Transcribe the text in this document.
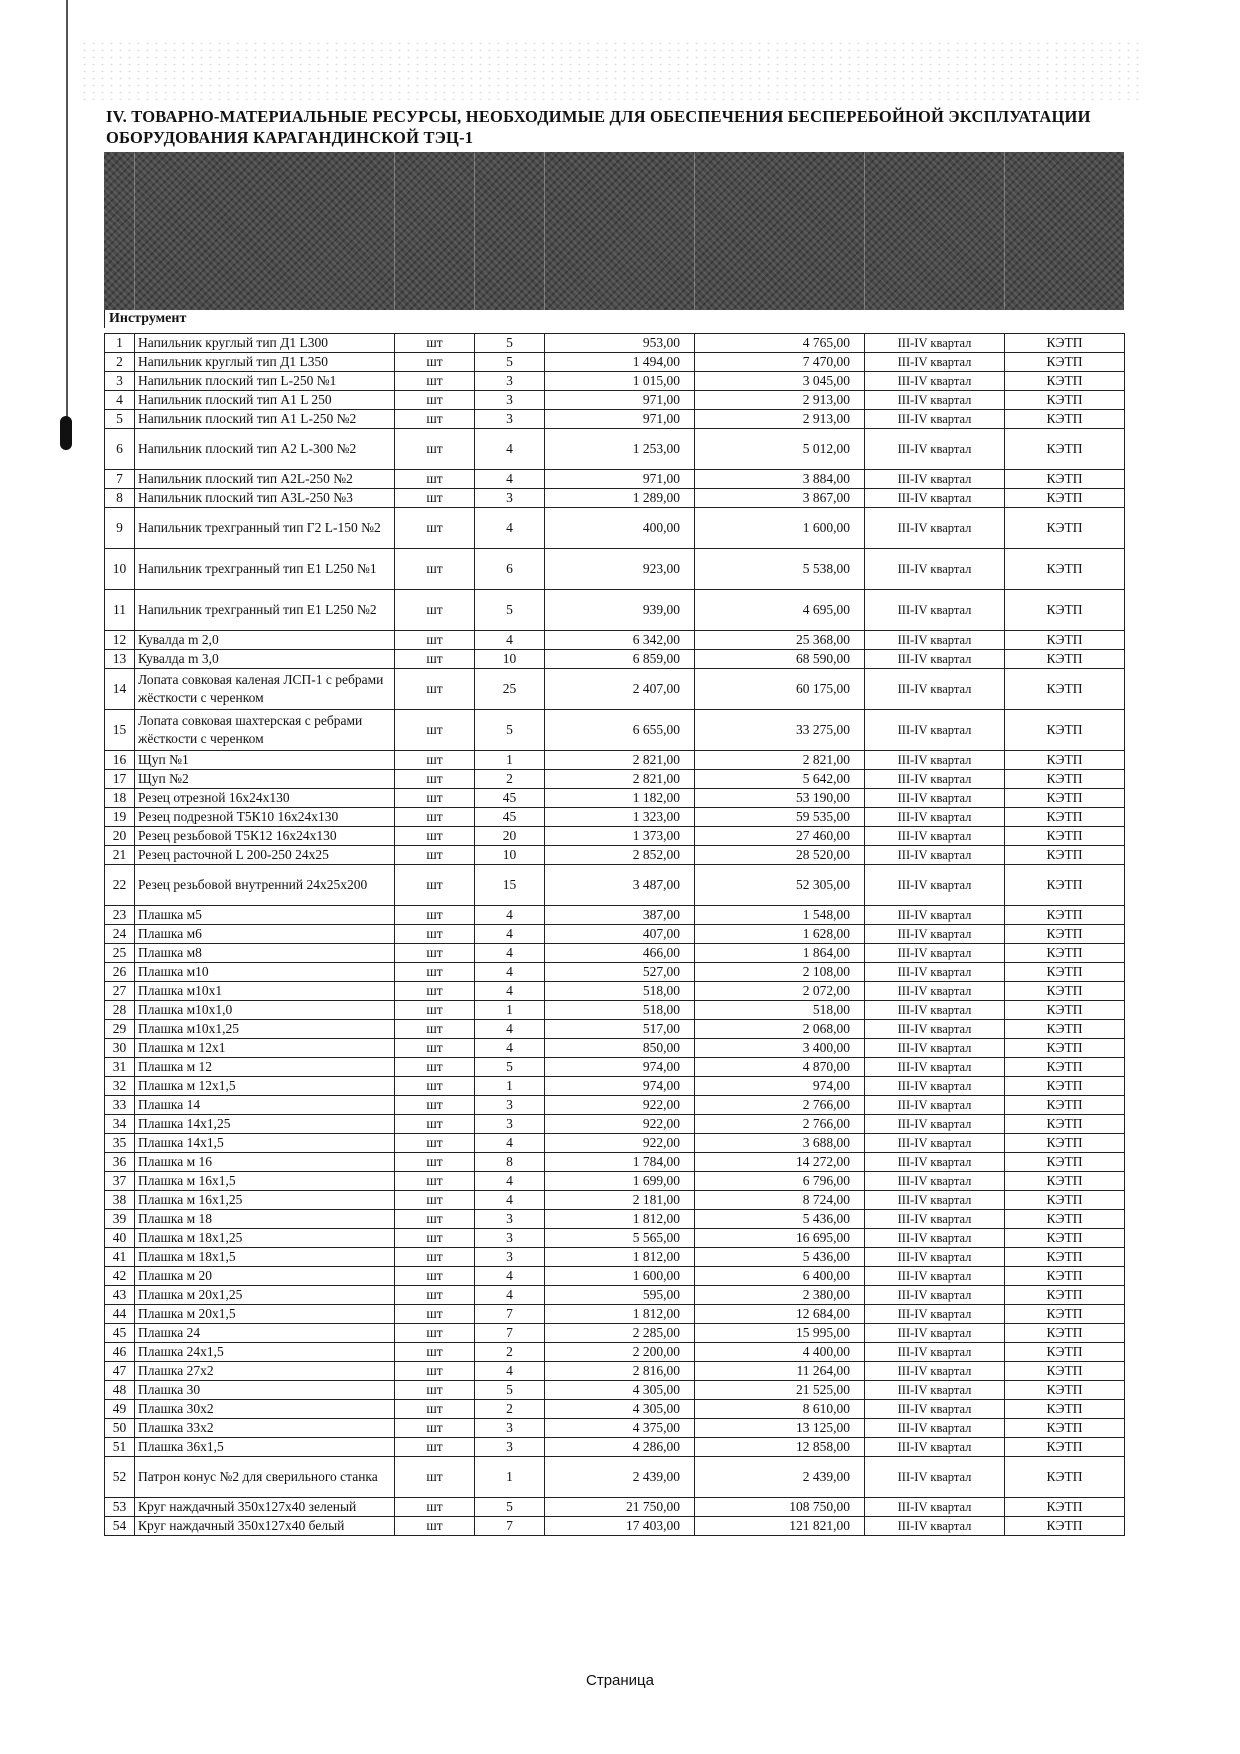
IV. ТОВАРНО-МАТЕРИАЛЬНЫЕ РЕСУРСЫ, НЕОБХОДИМЫЕ ДЛЯ ОБЕСПЕЧЕНИЯ БЕСПЕРЕБОЙНОЙ ЭКСПЛУАТАЦИИ ОБОРУДОВАНИЯ КАРАГАНДИНСКОЙ ТЭЦ-1
Инструмент
1	Напильник круглый тип Д1 L300	шт	5	953,00	4 765,00	III-IV квартал	КЭТП
2	Напильник круглый тип Д1 L350	шт	5	1 494,00	7 470,00	III-IV квартал	КЭТП
3	Напильник плоский тип L-250 №1	шт	3	1 015,00	3 045,00	III-IV квартал	КЭТП
4	Напильник плоский тип А1 L 250	шт	3	971,00	2 913,00	III-IV квартал	КЭТП
5	Напильник плоский тип А1 L-250 №2	шт	3	971,00	2 913,00	III-IV квартал	КЭТП
6	Напильник плоский тип А2 L-300 №2	шт	4	1 253,00	5 012,00	III-IV квартал	КЭТП
7	Напильник плоский тип А2L-250 №2	шт	4	971,00	3 884,00	III-IV квартал	КЭТП
8	Напильник плоский тип А3L-250 №3	шт	3	1 289,00	3 867,00	III-IV квартал	КЭТП
9	Напильник трехгранный тип Г2 L-150 №2	шт	4	400,00	1 600,00	III-IV квартал	КЭТП
10	Напильник трехгранный тип Е1 L250 №1	шт	6	923,00	5 538,00	III-IV квартал	КЭТП
11	Напильник трехгранный тип Е1 L250 №2	шт	5	939,00	4 695,00	III-IV квартал	КЭТП
12	Кувалда m 2,0	шт	4	6 342,00	25 368,00	III-IV квартал	КЭТП
13	Кувалда m 3,0	шт	10	6 859,00	68 590,00	III-IV квартал	КЭТП
14	Лопата совковая каленая ЛСП-1 с ребрами жёсткости с черенком	шт	25	2 407,00	60 175,00	III-IV квартал	КЭТП
15	Лопата совковая шахтерская с ребрами жёсткости с черенком	шт	5	6 655,00	33 275,00	III-IV квартал	КЭТП
16	Щуп №1	шт	1	2 821,00	2 821,00	III-IV квартал	КЭТП
17	Щуп №2	шт	2	2 821,00	5 642,00	III-IV квартал	КЭТП
18	Резец отрезной 16х24х130	шт	45	1 182,00	53 190,00	III-IV квартал	КЭТП
19	Резец подрезной Т5К10 16х24х130	шт	45	1 323,00	59 535,00	III-IV квартал	КЭТП
20	Резец резьбовой Т5К12 16х24х130	шт	20	1 373,00	27 460,00	III-IV квартал	КЭТП
21	Резец расточной L 200-250 24х25	шт	10	2 852,00	28 520,00	III-IV квартал	КЭТП
22	Резец резьбовой внутренний 24х25х200	шт	15	3 487,00	52 305,00	III-IV квартал	КЭТП
23	Плашка м5	шт	4	387,00	1 548,00	III-IV квартал	КЭТП
24	Плашка м6	шт	4	407,00	1 628,00	III-IV квартал	КЭТП
25	Плашка м8	шт	4	466,00	1 864,00	III-IV квартал	КЭТП
26	Плашка м10	шт	4	527,00	2 108,00	III-IV квартал	КЭТП
27	Плашка м10х1	шт	4	518,00	2 072,00	III-IV квартал	КЭТП
28	Плашка м10х1,0	шт	1	518,00	518,00	III-IV квартал	КЭТП
29	Плашка м10х1,25	шт	4	517,00	2 068,00	III-IV квартал	КЭТП
30	Плашка м 12х1	шт	4	850,00	3 400,00	III-IV квартал	КЭТП
31	Плашка м 12	шт	5	974,00	4 870,00	III-IV квартал	КЭТП
32	Плашка м 12х1,5	шт	1	974,00	974,00	III-IV квартал	КЭТП
33	Плашка 14	шт	3	922,00	2 766,00	III-IV квартал	КЭТП
34	Плашка 14х1,25	шт	3	922,00	2 766,00	III-IV квартал	КЭТП
35	Плашка 14х1,5	шт	4	922,00	3 688,00	III-IV квартал	КЭТП
36	Плашка м 16	шт	8	1 784,00	14 272,00	III-IV квартал	КЭТП
37	Плашка м 16х1,5	шт	4	1 699,00	6 796,00	III-IV квартал	КЭТП
38	Плашка м 16х1,25	шт	4	2 181,00	8 724,00	III-IV квартал	КЭТП
39	Плашка м 18	шт	3	1 812,00	5 436,00	III-IV квартал	КЭТП
40	Плашка м 18х1,25	шт	3	5 565,00	16 695,00	III-IV квартал	КЭТП
41	Плашка м 18х1,5	шт	3	1 812,00	5 436,00	III-IV квартал	КЭТП
42	Плашка м 20	шт	4	1 600,00	6 400,00	III-IV квартал	КЭТП
43	Плашка м 20х1,25	шт	4	595,00	2 380,00	III-IV квартал	КЭТП
44	Плашка м 20х1,5	шт	7	1 812,00	12 684,00	III-IV квартал	КЭТП
45	Плашка 24	шт	7	2 285,00	15 995,00	III-IV квартал	КЭТП
46	Плашка 24х1,5	шт	2	2 200,00	4 400,00	III-IV квартал	КЭТП
47	Плашка 27х2	шт	4	2 816,00	11 264,00	III-IV квартал	КЭТП
48	Плашка 30	шт	5	4 305,00	21 525,00	III-IV квартал	КЭТП
49	Плашка 30х2	шт	2	4 305,00	8 610,00	III-IV квартал	КЭТП
50	Плашка 33х2	шт	3	4 375,00	13 125,00	III-IV квартал	КЭТП
51	Плашка 36х1,5	шт	3	4 286,00	12 858,00	III-IV квартал	КЭТП
52	Патрон конус №2 для сверильного станка	шт	1	2 439,00	2 439,00	III-IV квартал	КЭТП
53	Круг наждачный 350х127х40 зеленый	шт	5	21 750,00	108 750,00	III-IV квартал	КЭТП
54	Круг наждачный 350х127х40 белый	шт	7	17 403,00	121 821,00	III-IV квартал	КЭТП
Страница
